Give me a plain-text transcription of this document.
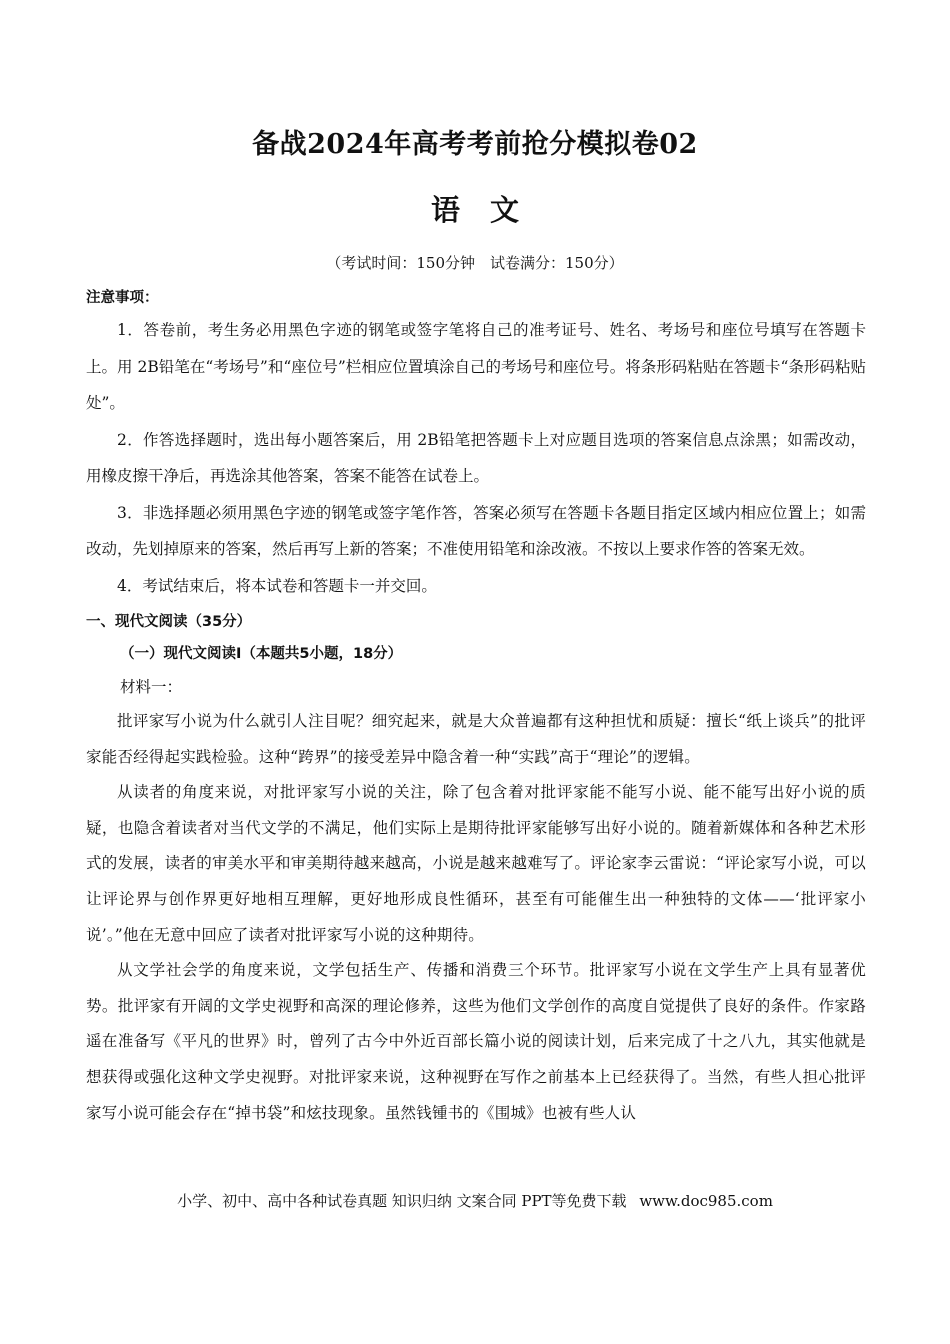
备战2024年高考考前抢分模拟卷02
语文
（考试时间：150分钟　试卷满分：150分）
注意事项：

1．答卷前，考生务必用黑色字迹的钢笔或签字笔将自己的准考证号、姓名、考场号和座位号填写在答题卡上。用 2B铅笔在“考场号”和“座位号”栏相应位置填涂自己的考场号和座位号。将条形码粘贴在答题卡“条形码粘贴处”。

2．作答选择题时，选出每小题答案后，用 2B铅笔把答题卡上对应题目选项的答案信息点涂黑；如需改动，用橡皮擦干净后，再选涂其他答案，答案不能答在试卷上。

3．非选择题必须用黑色字迹的钢笔或签字笔作答，答案必须写在答题卡各题目指定区域内相应位置上；如需改动，先划掉原来的答案，然后再写上新的答案；不准使用铅笔和涂改液。不按以上要求作答的答案无效。

4．考试结束后，将本试卷和答题卡一并交回。

一、现代文阅读（35分）
（一）现代文阅读Ⅰ（本题共5小题，18分）
材料一：

批评家写小说为什么就引人注目呢？细究起来，就是大众普遍都有这种担忧和质疑：擅长“纸上谈兵”的批评家能否经得起实践检验。这种“跨界”的接受差异中隐含着一种“实践”高于“理论”的逻辑。

从读者的角度来说，对批评家写小说的关注，除了包含着对批评家能不能写小说、能不能写出好小说的质疑，也隐含着读者对当代文学的不满足，他们实际上是期待批评家能够写出好小说的。随着新媒体和各种艺术形式的发展，读者的审美水平和审美期待越来越高，小说是越来越难写了。评论家李云雷说：“评论家写小说，可以让评论界与创作界更好地相互理解，更好地形成良性循环，甚至有可能催生出一种独特的文体——‘批评家小说’。”他在无意中回应了读者对批评家写小说的这种期待。

从文学社会学的角度来说，文学包括生产、传播和消费三个环节。批评家写小说在文学生产上具有显著优势。批评家有开阔的文学史视野和高深的理论修养，这些为他们文学创作的高度自觉提供了良好的条件。作家路遥在准备写《平凡的世界》时，曾列了古今中外近百部长篇小说的阅读计划，后来完成了十之八九，其实他就是想获得或强化这种文学史视野。对批评家来说，这种视野在写作之前基本上已经获得了。当然，有些人担心批评家写小说可能会存在“掉书袋”和炫技现象。虽然钱锺书的《围城》也被有些人认

小学、初中、高中各种试卷真题 知识归纳 文案合同 PPT等免费下载 www.doc985.com
